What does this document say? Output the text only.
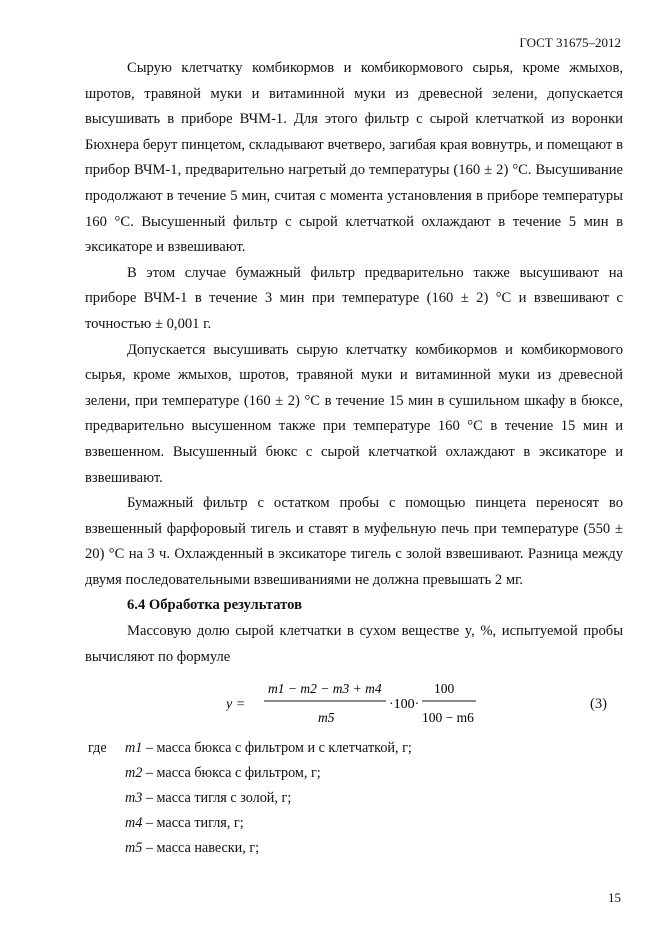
ГОСТ 31675–2012

Сырую клетчатку комбикормов и комбикормового сырья, кроме жмыхов, шротов, травяной муки и витаминной муки из древесной зелени, допускается высушивать в приборе ВЧМ-1. Для этого фильтр с сырой клетчаткой из воронки Бюхнера берут пинцетом, складывают вчетверо, загибая края вовнутрь, и помещают в прибор ВЧМ-1, предварительно нагретый до температуры (160 ± 2) °С. Высушивание продолжают в течение 5 мин, считая с момента установления в приборе температуры 160 °С. Высушенный фильтр с сырой клетчаткой охлаждают в течение 5 мин в эксикаторе и взвешивают.

В этом случае бумажный фильтр предварительно также высушивают на приборе ВЧМ-1 в течение 3 мин при температуре (160 ± 2) °С и взвешивают с точностью ± 0,001 г.

Допускается высушивать сырую клетчатку комбикормов и комбикормового сырья, кроме жмыхов, шротов, травяной муки и витаминной муки из древесной зелени, при температуре (160 ± 2) °С в течение 15 мин в сушильном шкафу в бюксе, предварительно высушенном также при температуре 160 °С в течение 15 мин и взвешенном. Высушенный бюкс с сырой клетчаткой охлаждают в эксикаторе и взвешивают.

Бумажный фильтр с остатком пробы с помощью пинцета переносят во взвешенный фарфоровый тигель и ставят в муфельную печь при температуре (550 ± 20) °С на 3 ч. Охлажденный в эксикаторе тигель с золой взвешивают. Разница между двумя последовательными взвешиваниями не должна превышать 2 мг.

6.4 Обработка результатов

Массовую долю сырой клетчатки в сухом веществе y, %, испытуемой пробы вычисляют по формуле

y =
m1 − m2 − m3 + m4
m5
·100·
100
100 − m6
(3)
где m1 – масса бюкса с фильтром и с клетчаткой, г;
m2 – масса бюкса с фильтром, г;
m3 – масса тигля с золой, г;
m4 – масса тигля, г;
m5 – масса навески, г;
15
